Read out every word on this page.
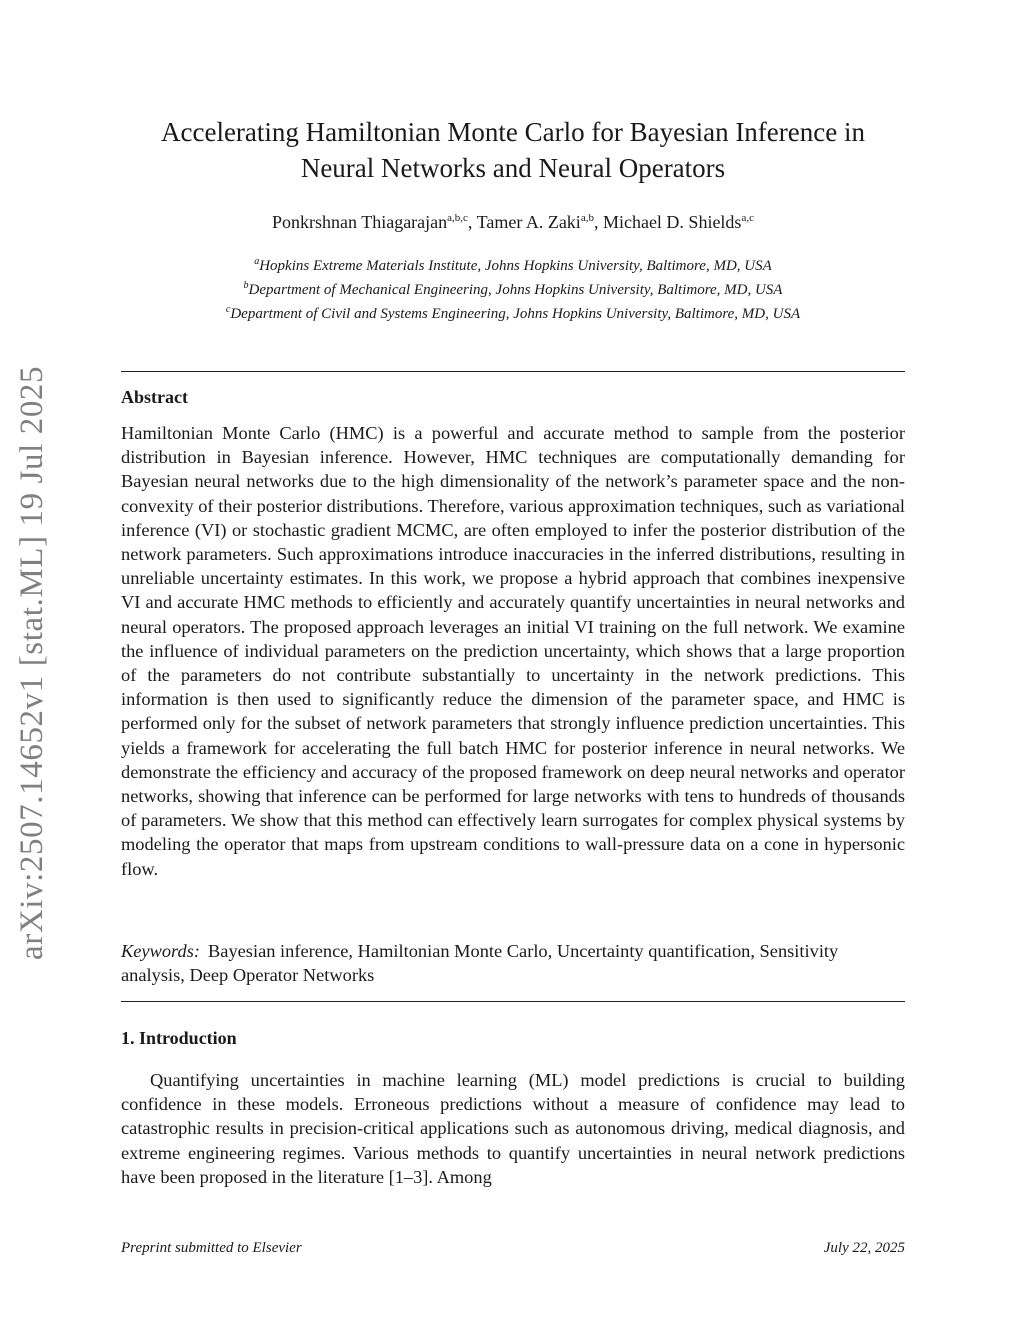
arXiv:2507.14652v1 [stat.ML] 19 Jul 2025
Accelerating Hamiltonian Monte Carlo for Bayesian Inference in Neural Networks and Neural Operators
Ponkrshnan Thiagarajan$^{a,b,c}$, Tamer A. Zaki$^{a,b}$, Michael D. Shields$^{a,c}$
$^a$Hopkins Extreme Materials Institute, Johns Hopkins University, Baltimore, MD, USA
$^b$Department of Mechanical Engineering, Johns Hopkins University, Baltimore, MD, USA
$^c$Department of Civil and Systems Engineering, Johns Hopkins University, Baltimore, MD, USA
Abstract

Hamiltonian Monte Carlo (HMC) is a powerful and accurate method to sample from the posterior distribution in Bayesian inference. However, HMC techniques are computationally demanding for Bayesian neural networks due to the high dimensionality of the network’s parameter space and the non-convexity of their posterior distributions. Therefore, various approximation techniques, such as variational inference (VI) or stochastic gradient MCMC, are often employed to infer the posterior distribution of the network parameters. Such approximations introduce inaccuracies in the inferred distributions, resulting in unreliable uncertainty estimates. In this work, we propose a hybrid approach that combines inexpensive VI and accurate HMC methods to efficiently and accurately quantify uncertainties in neural networks and neural operators. The proposed approach leverages an initial VI training on the full network. We examine the influence of individual parameters on the prediction uncertainty, which shows that a large proportion of the parameters do not contribute substantially to uncertainty in the network predictions. This information is then used to significantly reduce the dimension of the parameter space, and HMC is performed only for the subset of network parameters that strongly influence prediction uncertainties. This yields a framework for accelerating the full batch HMC for posterior inference in neural networks. We demonstrate the efficiency and accuracy of the proposed framework on deep neural networks and operator networks, showing that inference can be performed for large networks with tens to hundreds of thousands of parameters. We show that this method can effectively learn surrogates for complex physical systems by modeling the operator that maps from upstream conditions to wall-pressure data on a cone in hypersonic flow.

Keywords: Bayesian inference, Hamiltonian Monte Carlo, Uncertainty quantification, Sensitivity analysis, Deep Operator Networks

1. Introduction

Quantifying uncertainties in machine learning (ML) model predictions is crucial to building confidence in these models. Erroneous predictions without a measure of confidence may lead to catastrophic results in precision-critical applications such as autonomous driving, medical diagnosis, and extreme engineering regimes. Various methods to quantify uncertainties in neural network predictions have been proposed in the literature [1–3]. Among

Preprint submitted to Elsevier	July 22, 2025
